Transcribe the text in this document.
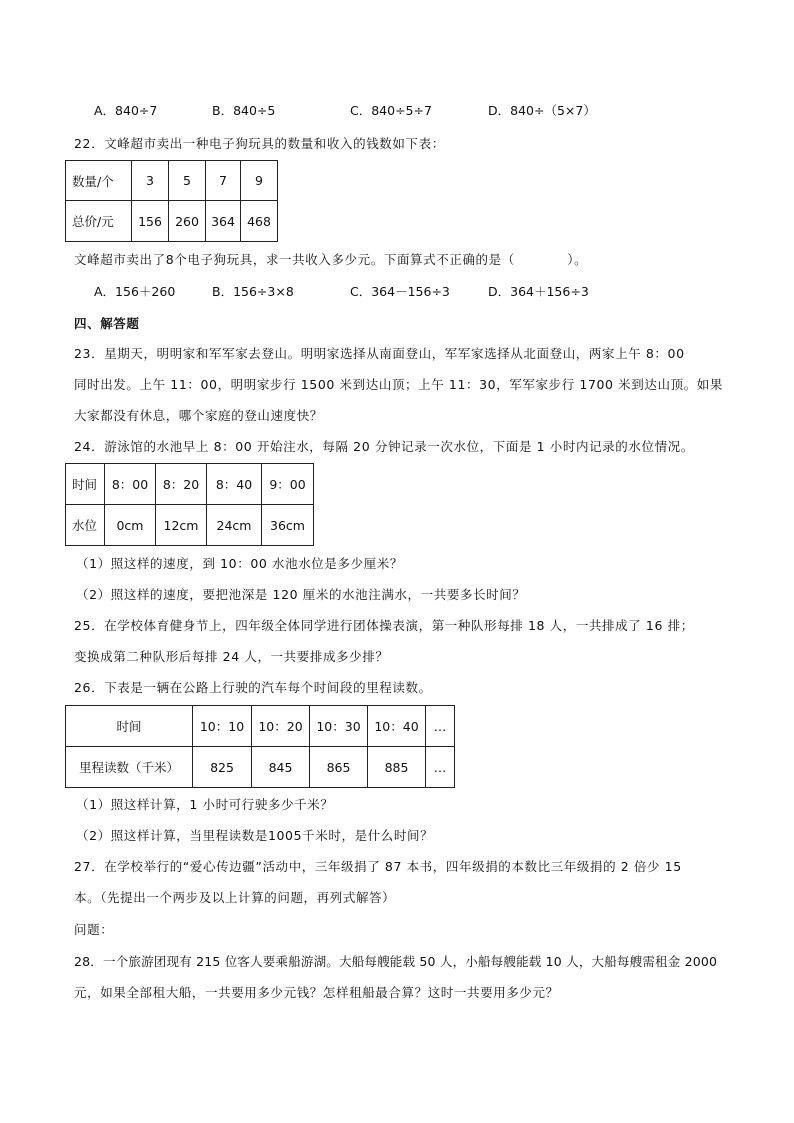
A．840÷7	B．840÷5	C．840÷5÷7	D．840÷（5×7）
22．文峰超市卖出一种电子狗玩具的数量和收入的钱数如下表：
数量/个	3	5	7	9
总价/元	156	260	364	468
文峰超市卖出了8个电子狗玩具，求一共收入多少元。下面算式不正确的是（　　　　）。
A．156＋260	B．156÷3×8	C．364－156÷3	D．364＋156÷3
四、解答题
23．星期天，明明家和军军家去登山。明明家选择从南面登山，军军家选择从北面登山，两家上午 8：00
同时出发。上午 11：00，明明家步行 1500 米到达山顶；上午 11：30，军军家步行 1700 米到达山顶。如果
大家都没有休息，哪个家庭的登山速度快？
24．游泳馆的水池早上 8：00 开始注水，每隔 20 分钟记录一次水位，下面是 1 小时内记录的水位情况。
时间	8：00	8：20	8：40	9：00
水位	0cm	12cm	24cm	36cm
（1）照这样的速度，到 10：00 水池水位是多少厘米？
（2）照这样的速度，要把池深是 120 厘米的水池注满水，一共要多长时间？
25．在学校体育健身节上，四年级全体同学进行团体操表演，第一种队形每排 18 人，一共排成了 16 排；
变换成第二种队形后每排 24 人，一共要排成多少排？
26．下表是一辆在公路上行驶的汽车每个时间段的里程读数。
时间	10：10	10：20	10：30	10：40	…
里程读数（千米）	825	845	865	885	…
（1）照这样计算，1 小时可行驶多少千米？
（2）照这样计算，当里程读数是1005千米时，是什么时间？
27．在学校举行的“爱心传边疆”活动中，三年级捐了 87 本书，四年级捐的本数比三年级捐的 2 倍少 15
本。（先提出一个两步及以上计算的问题，再列式解答）
问题：
28．一个旅游团现有 215 位客人要乘船游湖。大船每艘能载 50 人，小船每艘能载 10 人，大船每艘需租金 2000
元，如果全部租大船，一共要用多少元钱？怎样租船最合算？这时一共要用多少元？
